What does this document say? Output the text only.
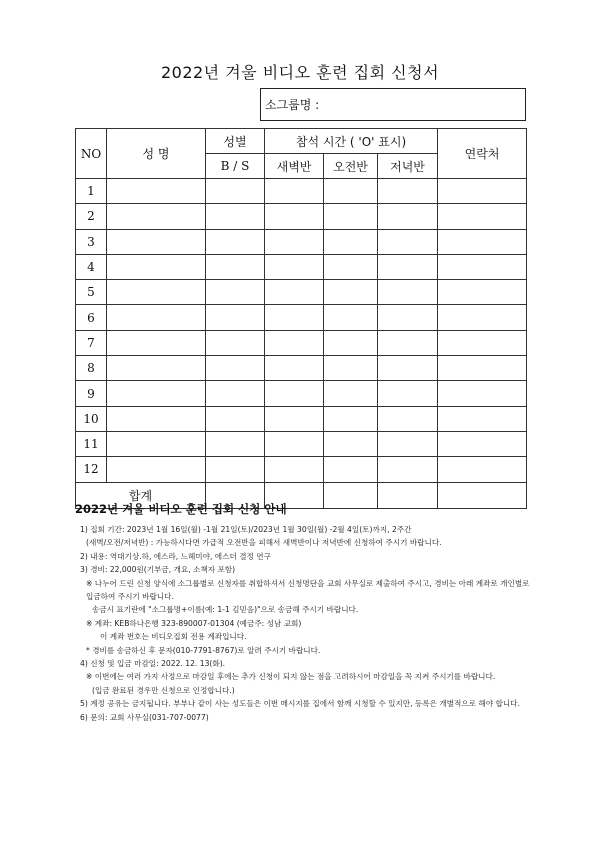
2022년 겨울 비디오 훈련 집회 신청서
소그룹명 :
NO	성 명	성별	참석 시간 ( 'O' 표시)			연락처
		B / S	새벽반	오전반	저녁반	
1						
2						
3						
4						
5						
6						
7						
8						
9						
10						
11						
12						
합계						
2022년 겨울 비디오 훈련 집회 신청 안내
1) 집회 기간: 2023년 1월 16일(월) -1월 21일(토)/2023년 1월 30일(월) -2월 4일(토)까지, 2주간
(새벽/오전/저녁반) : 가능하시다면 가급적 오전반을 피해서 새벽반이나 저녁반에 신청하여 주시기 바랍니다.
2) 내용: 역대기상.하, 에스라, 느헤미야, 에스더 결정 연구
3) 경비: 22,000원(기부금, 개요, 소책자 포함)
※ 나누어 드린 신청 양식에 소그룹별로 신청자를 취합하셔서 신청명단을 교회 사무실로 제출하여 주시고, 경비는 아래 계좌로 개인별로
입금하여 주시기 바랍니다.
송금시 표기란에 "소그룹명+이름(예: 1-1 김믿음)"으로 송금해 주시기 바랍니다.
※ 계좌: KEB하나은행 323-890007-01304 (예금주: 성남 교회)
이 계좌 번호는 비디오집회 전용 계좌입니다.
* 경비를 송금하신 후 문자(010-7791-8767)로 알려 주시기 바랍니다.
4) 신청 및 입금 마감일: 2022. 12. 13(화).
※ 이번에는 여러 가지 사정으로 마감일 후에는 추가 신청이 되지 않는 점을 고려하시어 마감일을 꼭 지켜 주시기를 바랍니다.
(입금 완료된 경우만 신청으로 인정합니다.)
5) 계정 공유는 금지됩니다. 부부나 같이 사는 성도들은 이번 메시지를 집에서 함께 시청할 수 있지만, 등록은 개별적으로 해야 합니다.
6) 문의: 교회 사무실(031-707-0077)
